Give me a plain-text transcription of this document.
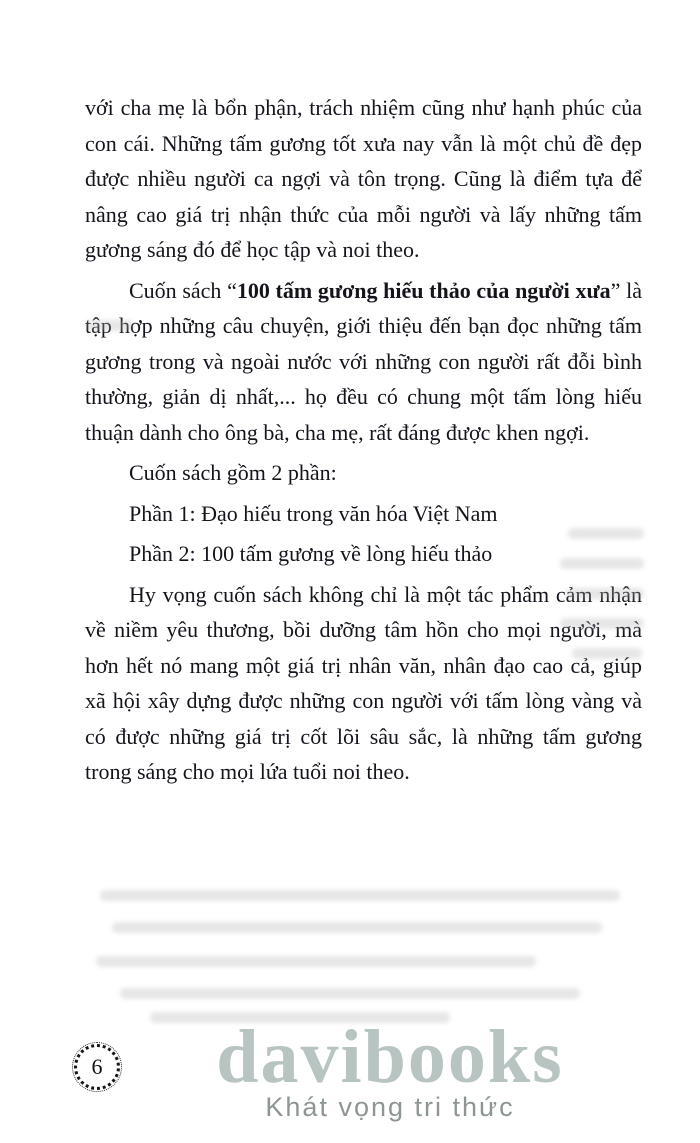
với cha mẹ là bổn phận, trách nhiệm cũng như hạnh phúc của con cái. Những tấm gương tốt xưa nay vẫn là một chủ đề đẹp được nhiều người ca ngợi và tôn trọng. Cũng là điểm tựa để nâng cao giá trị nhận thức của mỗi người và lấy những tấm gương sáng đó để học tập và noi theo.

Cuốn sách “100 tấm gương hiếu thảo của người xưa” là tập hợp những câu chuyện, giới thiệu đến bạn đọc những tấm gương trong và ngoài nước với những con người rất đỗi bình thường, giản dị nhất,... họ đều có chung một tấm lòng hiếu thuận dành cho ông bà, cha mẹ, rất đáng được khen ngợi.

Cuốn sách gồm 2 phần:

Phần 1: Đạo hiếu trong văn hóa Việt Nam

Phần 2: 100 tấm gương về lòng hiếu thảo

Hy vọng cuốn sách không chỉ là một tác phẩm cảm nhận về niềm yêu thương, bồi dưỡng tâm hồn cho mọi người, mà hơn hết nó mang một giá trị nhân văn, nhân đạo cao cả, giúp xã hội xây dựng được những con người với tấm lòng vàng và có được những giá trị cốt lõi sâu sắc, là những tấm gương trong sáng cho mọi lứa tuổi noi theo.

6	davibooks
Khát vọng tri thức
